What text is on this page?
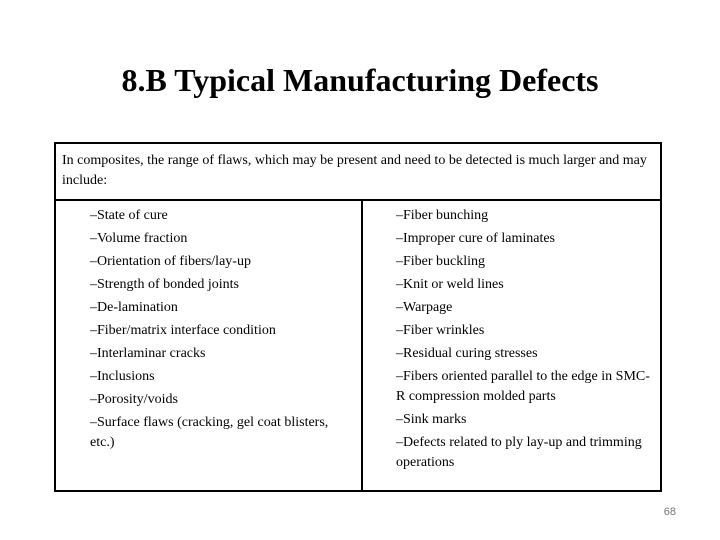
8.B Typical Manufacturing Defects
In composites, the range of flaws, which may be present and need to be detected is much larger and may include:
–State of cure
–Volume fraction
–Orientation of fibers/lay-up
–Strength of bonded joints
–De-lamination
–Fiber/matrix interface condition
–Interlaminar cracks
–Inclusions
–Porosity/voids
–Surface flaws (cracking, gel coat blisters, etc.)
–Fiber bunching
–Improper cure of laminates
–Fiber buckling
–Knit or weld lines
–Warpage
–Fiber wrinkles
–Residual curing stresses
–Fibers oriented parallel to the edge in SMC-R compression molded parts
–Sink marks
–Defects related to ply lay-up and trimming operations
68
